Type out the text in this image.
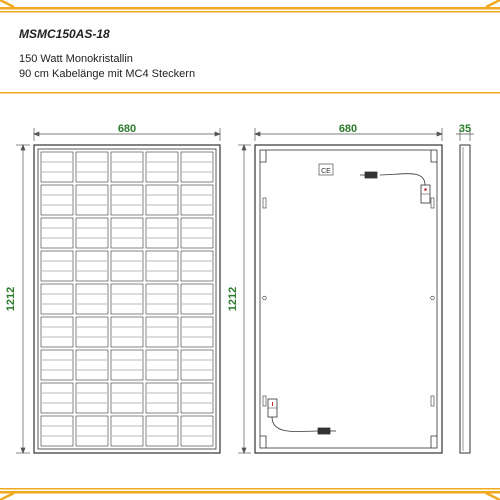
MSMC150AS-18
150 Watt Monokristallin
90 cm Kabelänge mit MC4 Steckern
680
1212
CE
680
1212
35
